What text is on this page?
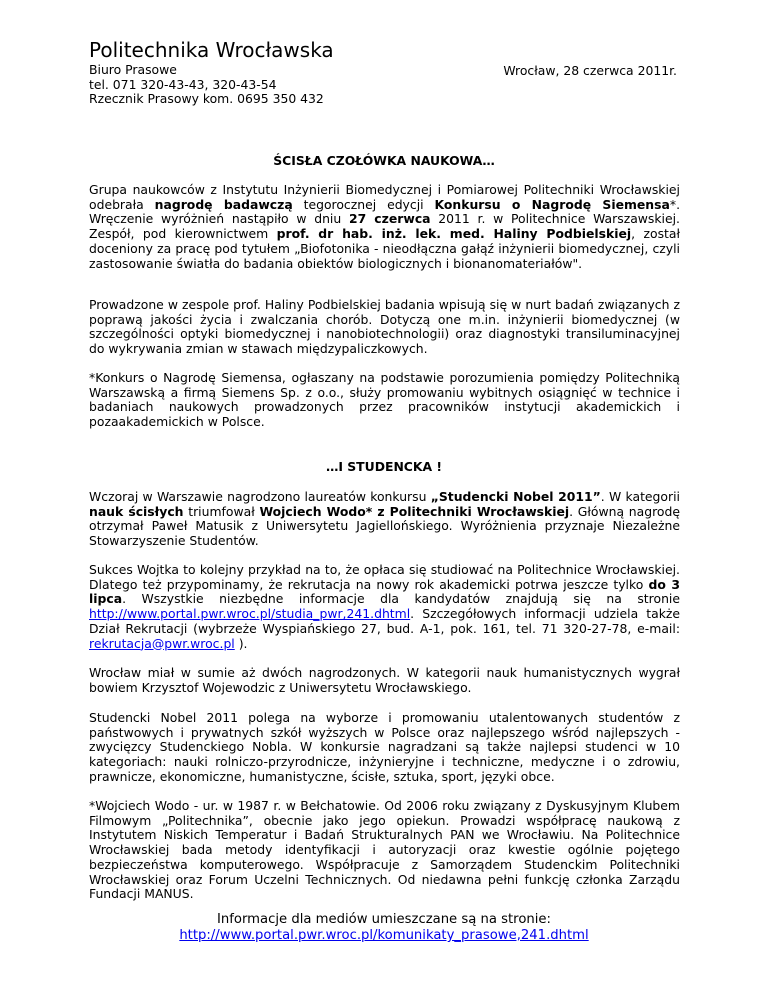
Politechnika Wrocławska
Biuro Prasowe
tel. 071 320-43-43, 320-43-54
Rzecznik Prasowy kom. 0695 350 432
Wrocław, 28 czerwca 2011r.
ŚCISŁA CZOŁÓWKA NAUKOWA…
Grupa naukowców z Instytutu Inżynierii Biomedycznej i Pomiarowej Politechniki Wrocławskiej odebrała nagrodę badawczą tegorocznej edycji Konkursu o Nagrodę Siemensa*. Wręczenie wyróżnień nastąpiło w dniu 27 czerwca 2011 r. w Politechnice Warszawskiej. Zespół, pod kierownictwem prof. dr hab. inż. lek. med. Haliny Podbielskiej, został doceniony za pracę pod tytułem „Biofotonika - nieodłączna gałąź inżynierii biomedycznej, czyli zastosowanie światła do badania obiektów biologicznych i bionanomateriałów".
Prowadzone w zespole prof. Haliny Podbielskiej badania wpisują się w nurt badań związanych z poprawą jakości życia i zwalczania chorób. Dotyczą one m.in. inżynierii biomedycznej (w szczególności optyki biomedycznej i nanobiotechnologii) oraz diagnostyki transiluminacyjnej do wykrywania zmian w stawach międzypaliczkowych.
*Konkurs o Nagrodę Siemensa, ogłaszany na podstawie porozumienia pomiędzy Politechniką Warszawską a firmą Siemens Sp. z o.o., służy promowaniu wybitnych osiągnięć w technice i badaniach naukowych prowadzonych przez pracowników instytucji akademickich i pozaakademickich w Polsce.
…I STUDENCKA !
Wczoraj w Warszawie nagrodzono laureatów konkursu „Studencki Nobel 2011”. W kategorii nauk ścisłych triumfował Wojciech Wodo* z Politechniki Wrocławskiej. Główną nagrodę otrzymał Paweł Matusik z Uniwersytetu Jagiellońskiego. Wyróżnienia przyznaje Niezależne Stowarzyszenie Studentów.
Sukces Wojtka to kolejny przykład na to, że opłaca się studiować na Politechnice Wrocławskiej. Dlatego też przypominamy, że rekrutacja na nowy rok akademicki potrwa jeszcze tylko do 3 lipca. Wszystkie niezbędne informacje dla kandydatów znajdują się na stronie http://www.portal.pwr.wroc.pl/studia_pwr,241.dhtml. Szczegółowych informacji udziela także Dział Rekrutacji (wybrzeże Wyspiańskiego 27, bud. A-1, pok. 161, tel. 71 320-27-78, e-mail: rekrutacja@pwr.wroc.pl ).
Wrocław miał w sumie aż dwóch nagrodzonych. W kategorii nauk humanistycznych wygrał bowiem Krzysztof Wojewodzic z Uniwersytetu Wrocławskiego.
Studencki Nobel 2011 polega na wyborze i promowaniu utalentowanych studentów z państwowych i prywatnych szkół wyższych w Polsce oraz najlepszego wśród najlepszych - zwycięzcy Studenckiego Nobla. W konkursie nagradzani są także najlepsi studenci w 10 kategoriach: nauki rolniczo-przyrodnicze, inżynieryjne i techniczne, medyczne i o zdrowiu, prawnicze, ekonomiczne, humanistyczne, ścisłe, sztuka, sport, języki obce.
*Wojciech Wodo - ur. w 1987 r. w Bełchatowie. Od 2006 roku związany z Dyskusyjnym Klubem Filmowym „Politechnika”, obecnie jako jego opiekun. Prowadzi współpracę naukową z Instytutem Niskich Temperatur i Badań Strukturalnych PAN we Wrocławiu. Na Politechnice Wrocławskiej bada metody identyfikacji i autoryzacji oraz kwestie ogólnie pojętego bezpieczeństwa komputerowego. Współpracuje z Samorządem Studenckim Politechniki Wrocławskiej oraz Forum Uczelni Technicznych. Od niedawna pełni funkcję członka Zarządu Fundacji MANUS.
Informacje dla mediów umieszczane są na stronie:
http://www.portal.pwr.wroc.pl/komunikaty_prasowe,241.dhtml
